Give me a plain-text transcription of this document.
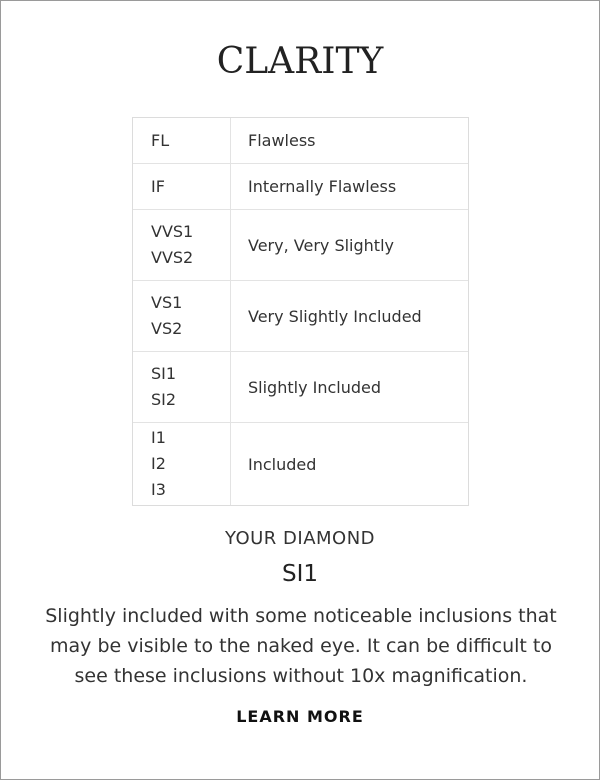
CLARITY
FL	Flawless
IF	Internally Flawless
VVS1
VVS2
Very, Very Slightly
VS1
VS2
Very Slightly Included
SI1
SI2
Slightly Included
I1
I2
I3
Included
YOUR DIAMOND
SI1
Slightly included with some noticeable inclusions that may be visible to the naked eye. It can be difficult to see these inclusions without 10x magnification.
LEARN MORE
